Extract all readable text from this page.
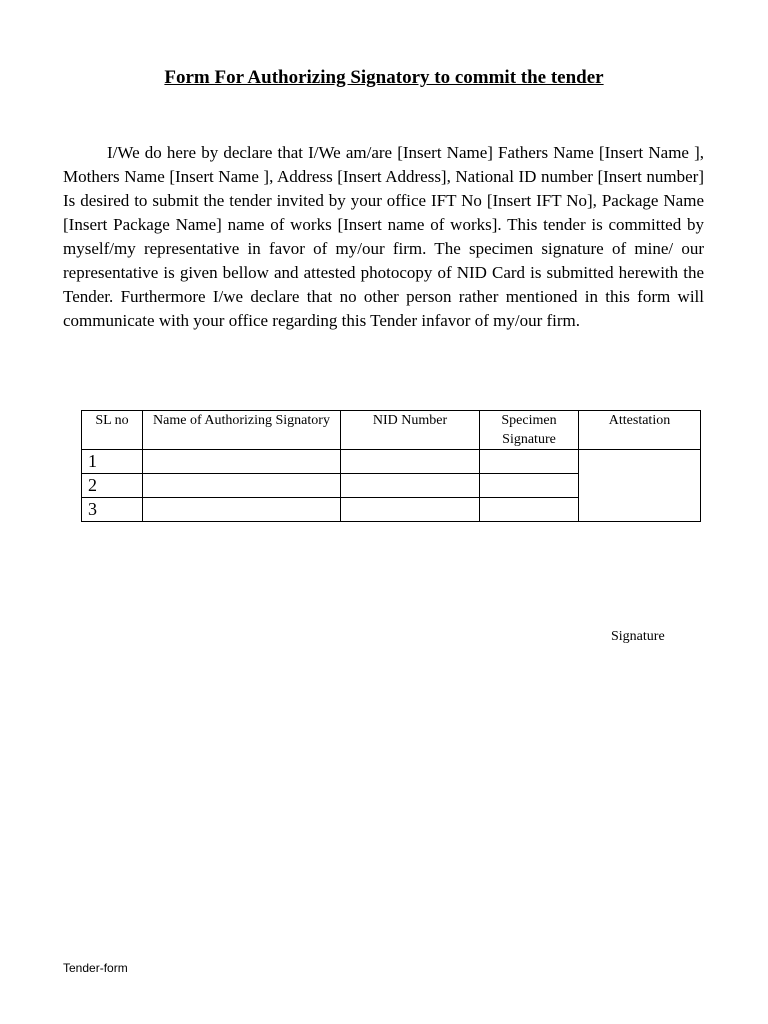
Form For Authorizing Signatory to commit the tender

I/We do here by declare that I/We am/are [Insert Name] Fathers Name [Insert Name ], Mothers Name [Insert Name ], Address [Insert Address], National ID number [Insert number] Is desired to submit the tender invited by your office IFT No [Insert IFT No], Package Name [Insert Package Name] name of works [Insert name of works]. This tender is committed by myself/my representative in favor of my/our firm. The specimen signature of mine/ our representative is given bellow and attested photocopy of NID Card is submitted herewith the Tender. Furthermore I/we declare that no other person rather mentioned in this form will communicate with your office regarding this Tender infavor of my/our firm.

SL no	Name of Authorizing Signatory	NID Number	Specimen Signature	Attestation
1				
2				
3				
Signature
Tender-form
